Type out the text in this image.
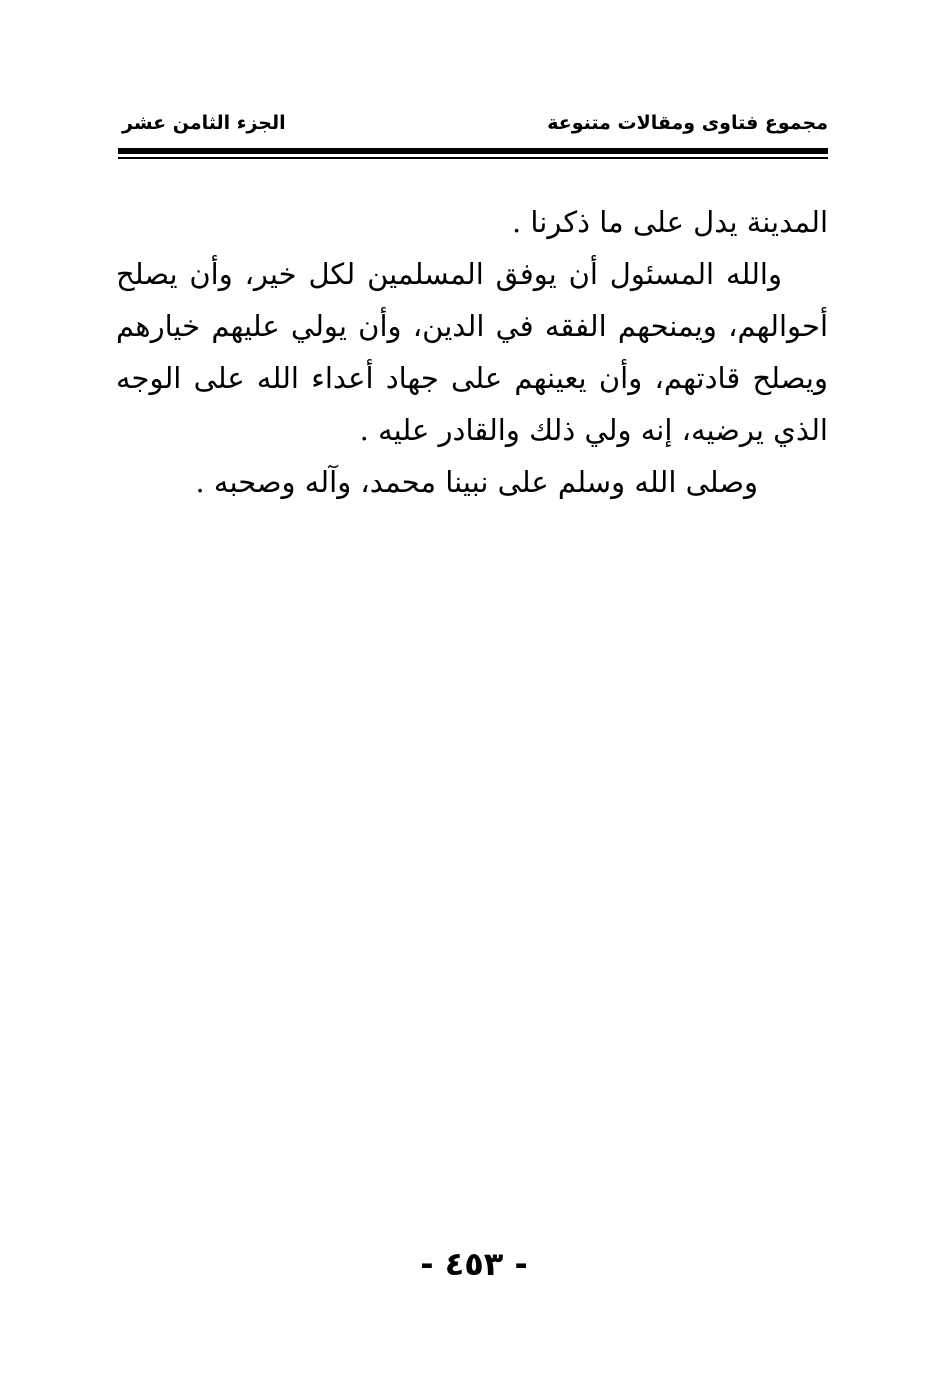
مجموع فتاوى ومقالات متنوعة
الجزء الثامن عشر

المدينة يدل على ما ذكرنا .

والله المسئول أن يوفق المسلمين لكل خير، وأن يصلح أحوالهم، ويمنحهم الفقه في الدين، وأن يولي عليهم خيارهم ويصلح قادتهم، وأن يعينهم على جهاد أعداء الله على الوجه الذي يرضيه، إنه ولي ذلك والقادر عليه .

وصلى الله وسلم على نبينا محمد، وآله وصحبه .

- ٤٥٣ -
